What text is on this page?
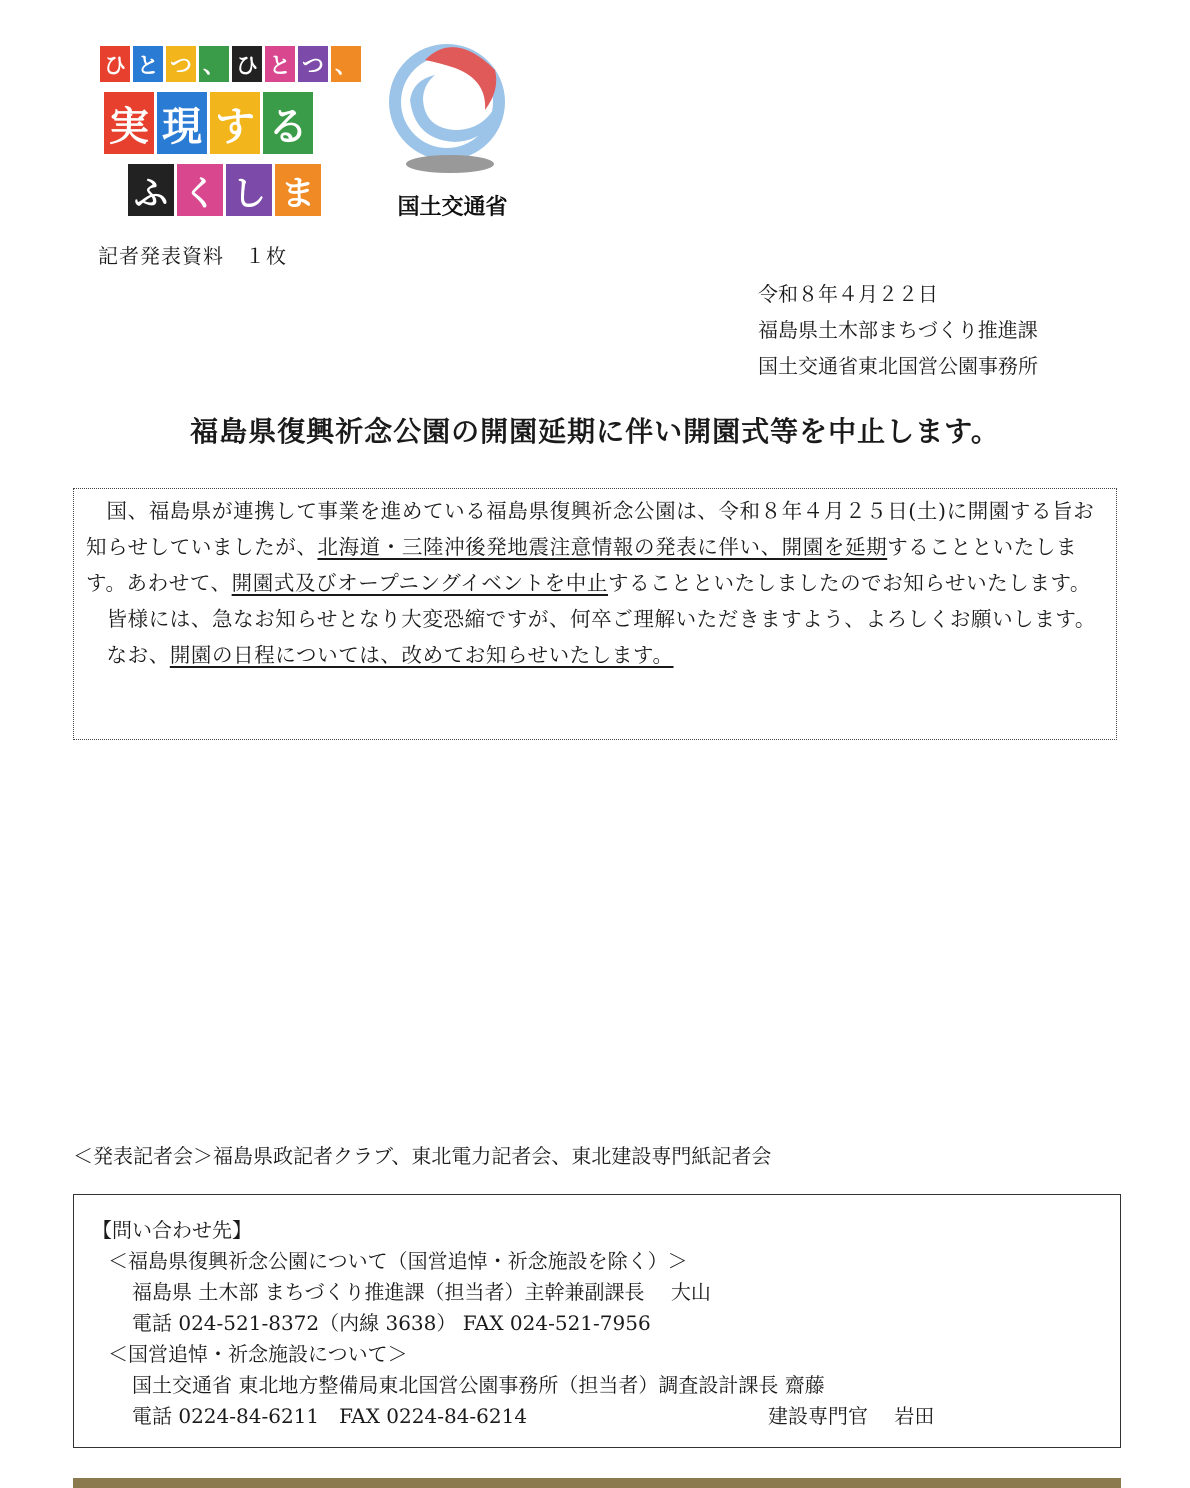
ひ と つ 、 ひ と つ 、
実 現 す る
ふ く し ま	国土交通省
記者発表資料　１枚
令和８年４月２２日
福島県土木部まちづくり推進課
国土交通省東北国営公園事務所
福島県復興祈念公園の開園延期に伴い開園式等を中止します。

国、福島県が連携して事業を進めている福島県復興祈念公園は、令和８年４月２５日(土)に開園する旨お知らせしていましたが、北海道・三陸沖後発地震注意情報の発表に伴い、開園を延期することといたします。あわせて、開園式及びオープニングイベントを中止することといたしましたのでお知らせいたします。

皆様には、急なお知らせとなり大変恐縮ですが、何卒ご理解いただきますよう、よろしくお願いします。

なお、開園の日程については、改めてお知らせいたします。

＜発表記者会＞福島県政記者クラブ、東北電力記者会、東北建設専門紙記者会
【問い合わせ先】
＜福島県復興祈念公園について（国営追悼・祈念施設を除く）＞
福島県 土木部 まちづくり推進課（担当者）主幹兼副課長　 大山
電話 024-521-8372（内線 3638） FAX 024-521-7956
＜国営追悼・祈念施設について＞
国土交通省 東北地方整備局東北国営公園事務所（担当者）調査設計課長 齋藤
電話 0224-84-6211　FAX 0224-84-6214	建設専門官　 岩田
